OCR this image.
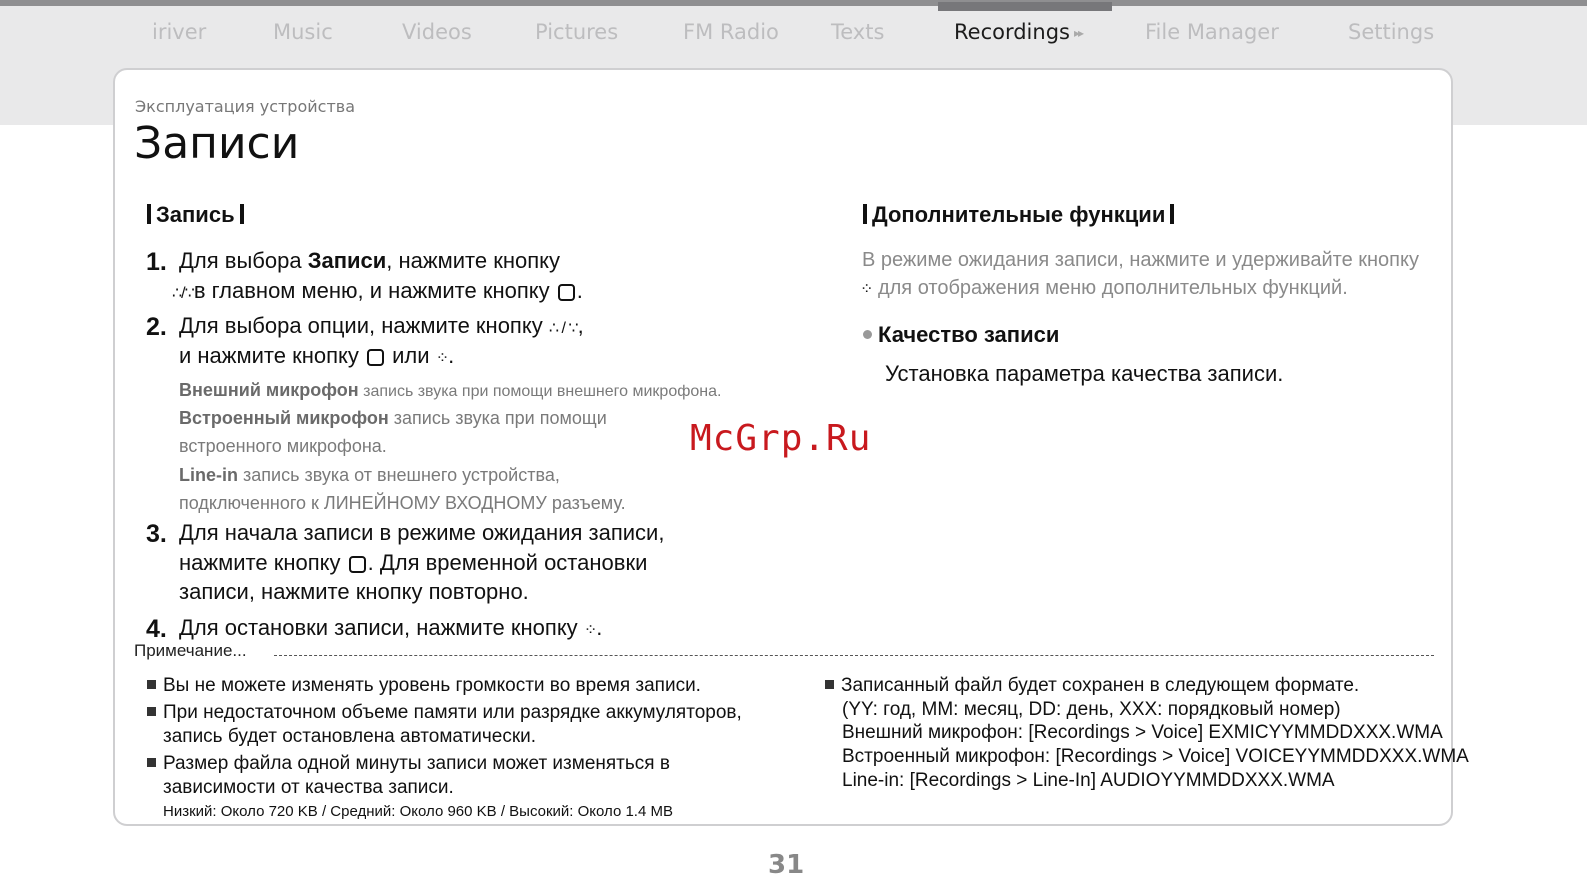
iriver	Music	Videos	Pictures	FM Radio Texts	Recordings ▸▸	File Manager	Settings
Эксплуатация устройства
Записи
Запись
1. Для выбора Записи, нажмите кнопку
∴/∵в главном меню, и нажмите кнопку .
2. Для выбора опции, нажмите кнопку ∴ / ∵,
и нажмите кнопку или ⁘.
Внешний микрофон запись звука при помощи внешнего микрофона.
Встроенный микрофон запись звука при помощи
встроенного микрофона.
Line-in запись звука от внешнего устройства,
подключенного к ЛИНЕЙНОМУ ВХОДНОМУ разъему.
3. Для начала записи в режиме ожидания записи,
нажмите кнопку . Для временной остановки
записи, нажмите кнопку повторно.
4. Для остановки записи, нажмите кнопку ⁘.
Дополнительные функции
В режиме ожидания записи, нажмите и удерживайте кнопку
⁘ для отображения меню дополнительных функций.
Качество записи
Установка параметра качества записи.
McGrp.Ru
Примечание...
Вы не можете изменять уровень громкости во время записи.
При недостаточном объеме памяти или разрядке аккумуляторов,
запись будет остановлена автоматически.
Размер файла одной минуты записи может изменяться в
зависимости от качества записи.
Низкий: Около 720 KB / Средний: Около 960 KB / Высокий: Около 1.4 MB
Записанный файл будет сохранен в следующем формате.
(YY: год, MM: месяц, DD: день, XXX: порядковый номер)
Внешний микрофон: [Recordings > Voice] EXMICYYMMDDXXX.WMA
Встроенный микрофон: [Recordings > Voice] VOICEYYMMDDXXX.WMA
Line-in: [Recordings > Line-In] AUDIOYYMMDDXXX.WMA
31
